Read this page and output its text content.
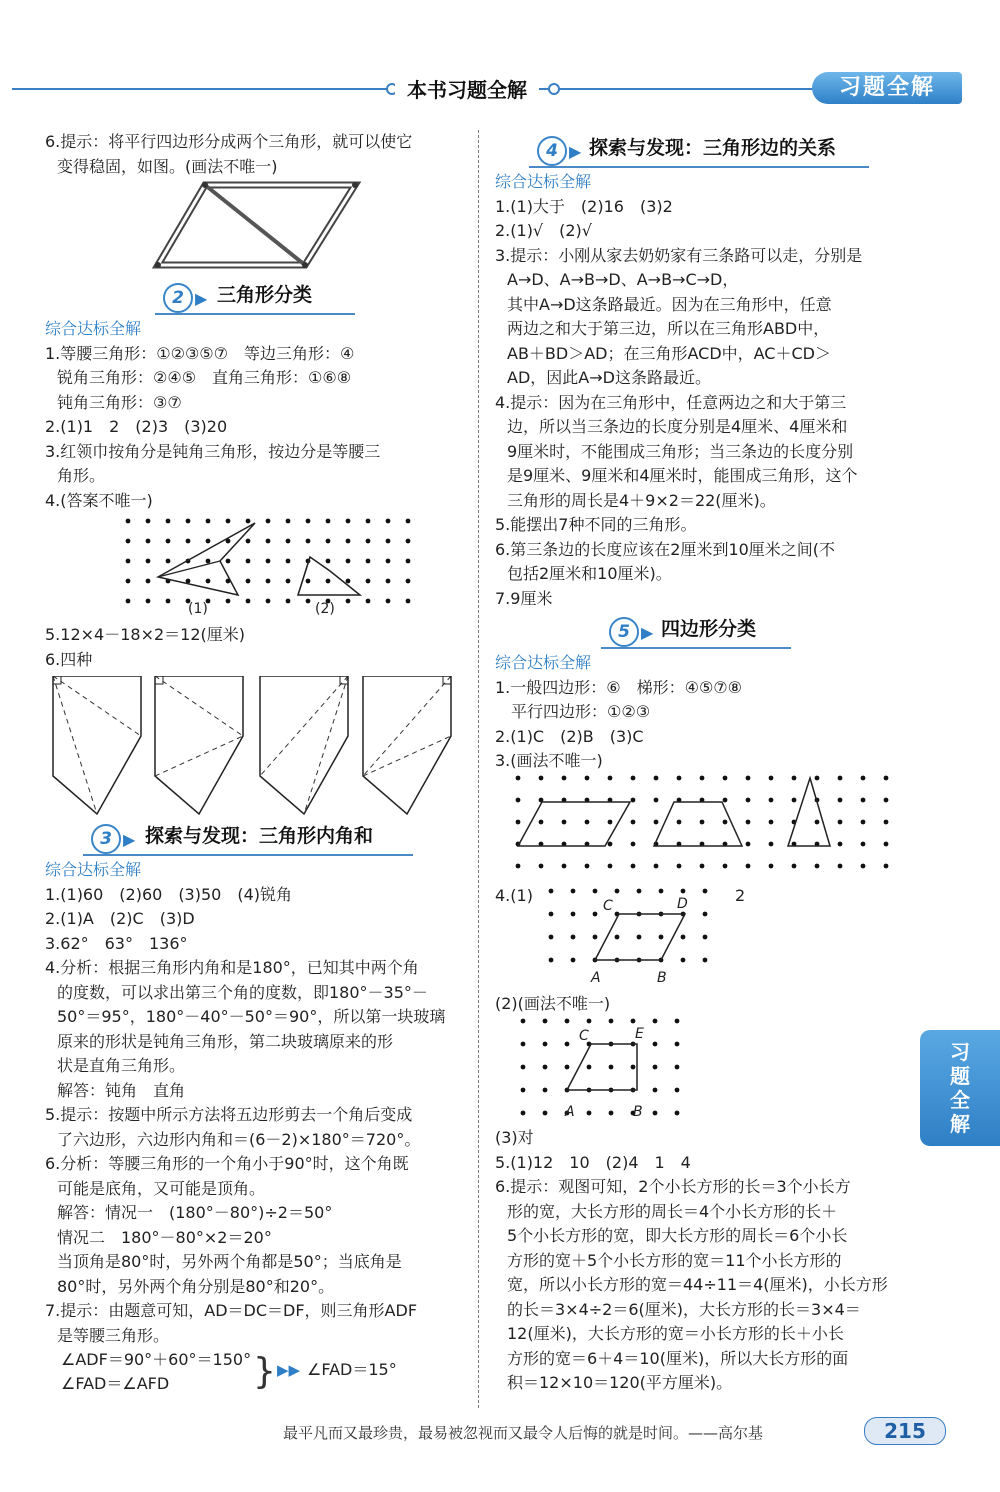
本书习题全解	习题全解
习题全解

6.提示：将平行四边形分成两个三角形，就可以使它

变得稳固，如图。(画法不唯一)

2 ▶ 三角形分类

综合达标全解

1.等腰三角形：①②③⑤⑦　等边三角形：④

锐角三角形：②④⑤　直角三角形：①⑥⑧

钝角三角形：③⑦

2.(1)1　2　(2)3　(3)20

3.红领巾按角分是钝角三角形，按边分是等腰三

角形。

4.(答案不唯一)

(1)	(2)

5.12×4－18×2＝12(厘米)

6.四种

3 ▶ 探索与发现：三角形内角和

综合达标全解

1.(1)60　(2)60　(3)50　(4)锐角

2.(1)A　(2)C　(3)D

3.62°　63°　136°

4.分析：根据三角形内角和是180°，已知其中两个角

的度数，可以求出第三个角的度数，即180°－35°－

50°＝95°，180°－40°－50°＝90°，所以第一块玻璃

原来的形状是钝角三角形，第二块玻璃原来的形

状是直角三角形。

解答：钝角　直角

5.提示：按题中所示方法将五边形剪去一个角后变成

了六边形，六边形内角和＝(6－2)×180°＝720°。

6.分析：等腰三角形的一个角小于90°时，这个角既

可能是底角，又可能是顶角。

解答：情况一　(180°－80°)÷2＝50°

情况二　180°－80°×2＝20°

当顶角是80°时，另外两个角都是50°；当底角是

80°时，另外两个角分别是80°和20°。

7.提示：由题意可知，AD＝DC＝DF，则三角形ADF

是等腰三角形。

∠ADF＝90°＋60°＝150°
∠FAD＝∠AFD } ▶▶ ∠FAD＝15°
4 ▶ 探索与发现：三角形边的关系

综合达标全解

1.(1)大于　(2)16　(3)2

2.(1)√　(2)√

3.提示：小刚从家去奶奶家有三条路可以走，分别是

A→D、A→B→D、A→B→C→D，

其中A→D这条路最近。因为在三角形中，任意

两边之和大于第三边，所以在三角形ABD中，

AB＋BD＞AD；在三角形ACD中，AC＋CD＞

AD，因此A→D这条路最近。

4.提示：因为在三角形中，任意两边之和大于第三

边，所以当三条边的长度分别是4厘米、4厘米和

9厘米时，不能围成三角形；当三条边的长度分别

是9厘米、9厘米和4厘米时，能围成三角形，这个

三角形的周长是4＋9×2＝22(厘米)。

5.能摆出7种不同的三角形。

6.第三条边的长度应该在2厘米到10厘米之间(不

包括2厘米和10厘米)。

7.9厘米

5 ▶ 四边形分类

综合达标全解

1.一般四边形：⑥　梯形：④⑤⑦⑧

平行四边形：①②③

2.(1)C　(2)B　(3)C

3.(画法不唯一)

4.(1)	2
C	D
A	B

(2)(画法不唯一)

C	E
A	B

(3)对

5.(1)12　10　(2)4　1　4

6.提示：观图可知，2个小长方形的长＝3个小长方

形的宽，大长方形的周长＝4个小长方形的长＋

5个小长方形的宽，即大长方形的周长＝6个小长

方形的宽＋5个小长方形的宽＝11个小长方形的

宽，所以小长方形的宽＝44÷11＝4(厘米)，小长方形

的长＝3×4÷2＝6(厘米)，大长方形的长＝3×4＝

12(厘米)，大长方形的宽＝小长方形的长＋小长

方形的宽＝6＋4＝10(厘米)，所以大长方形的面

积＝12×10＝120(平方厘米)。

最平凡而又最珍贵，最易被忽视而又最令人后悔的就是时间。——高尔基	215
